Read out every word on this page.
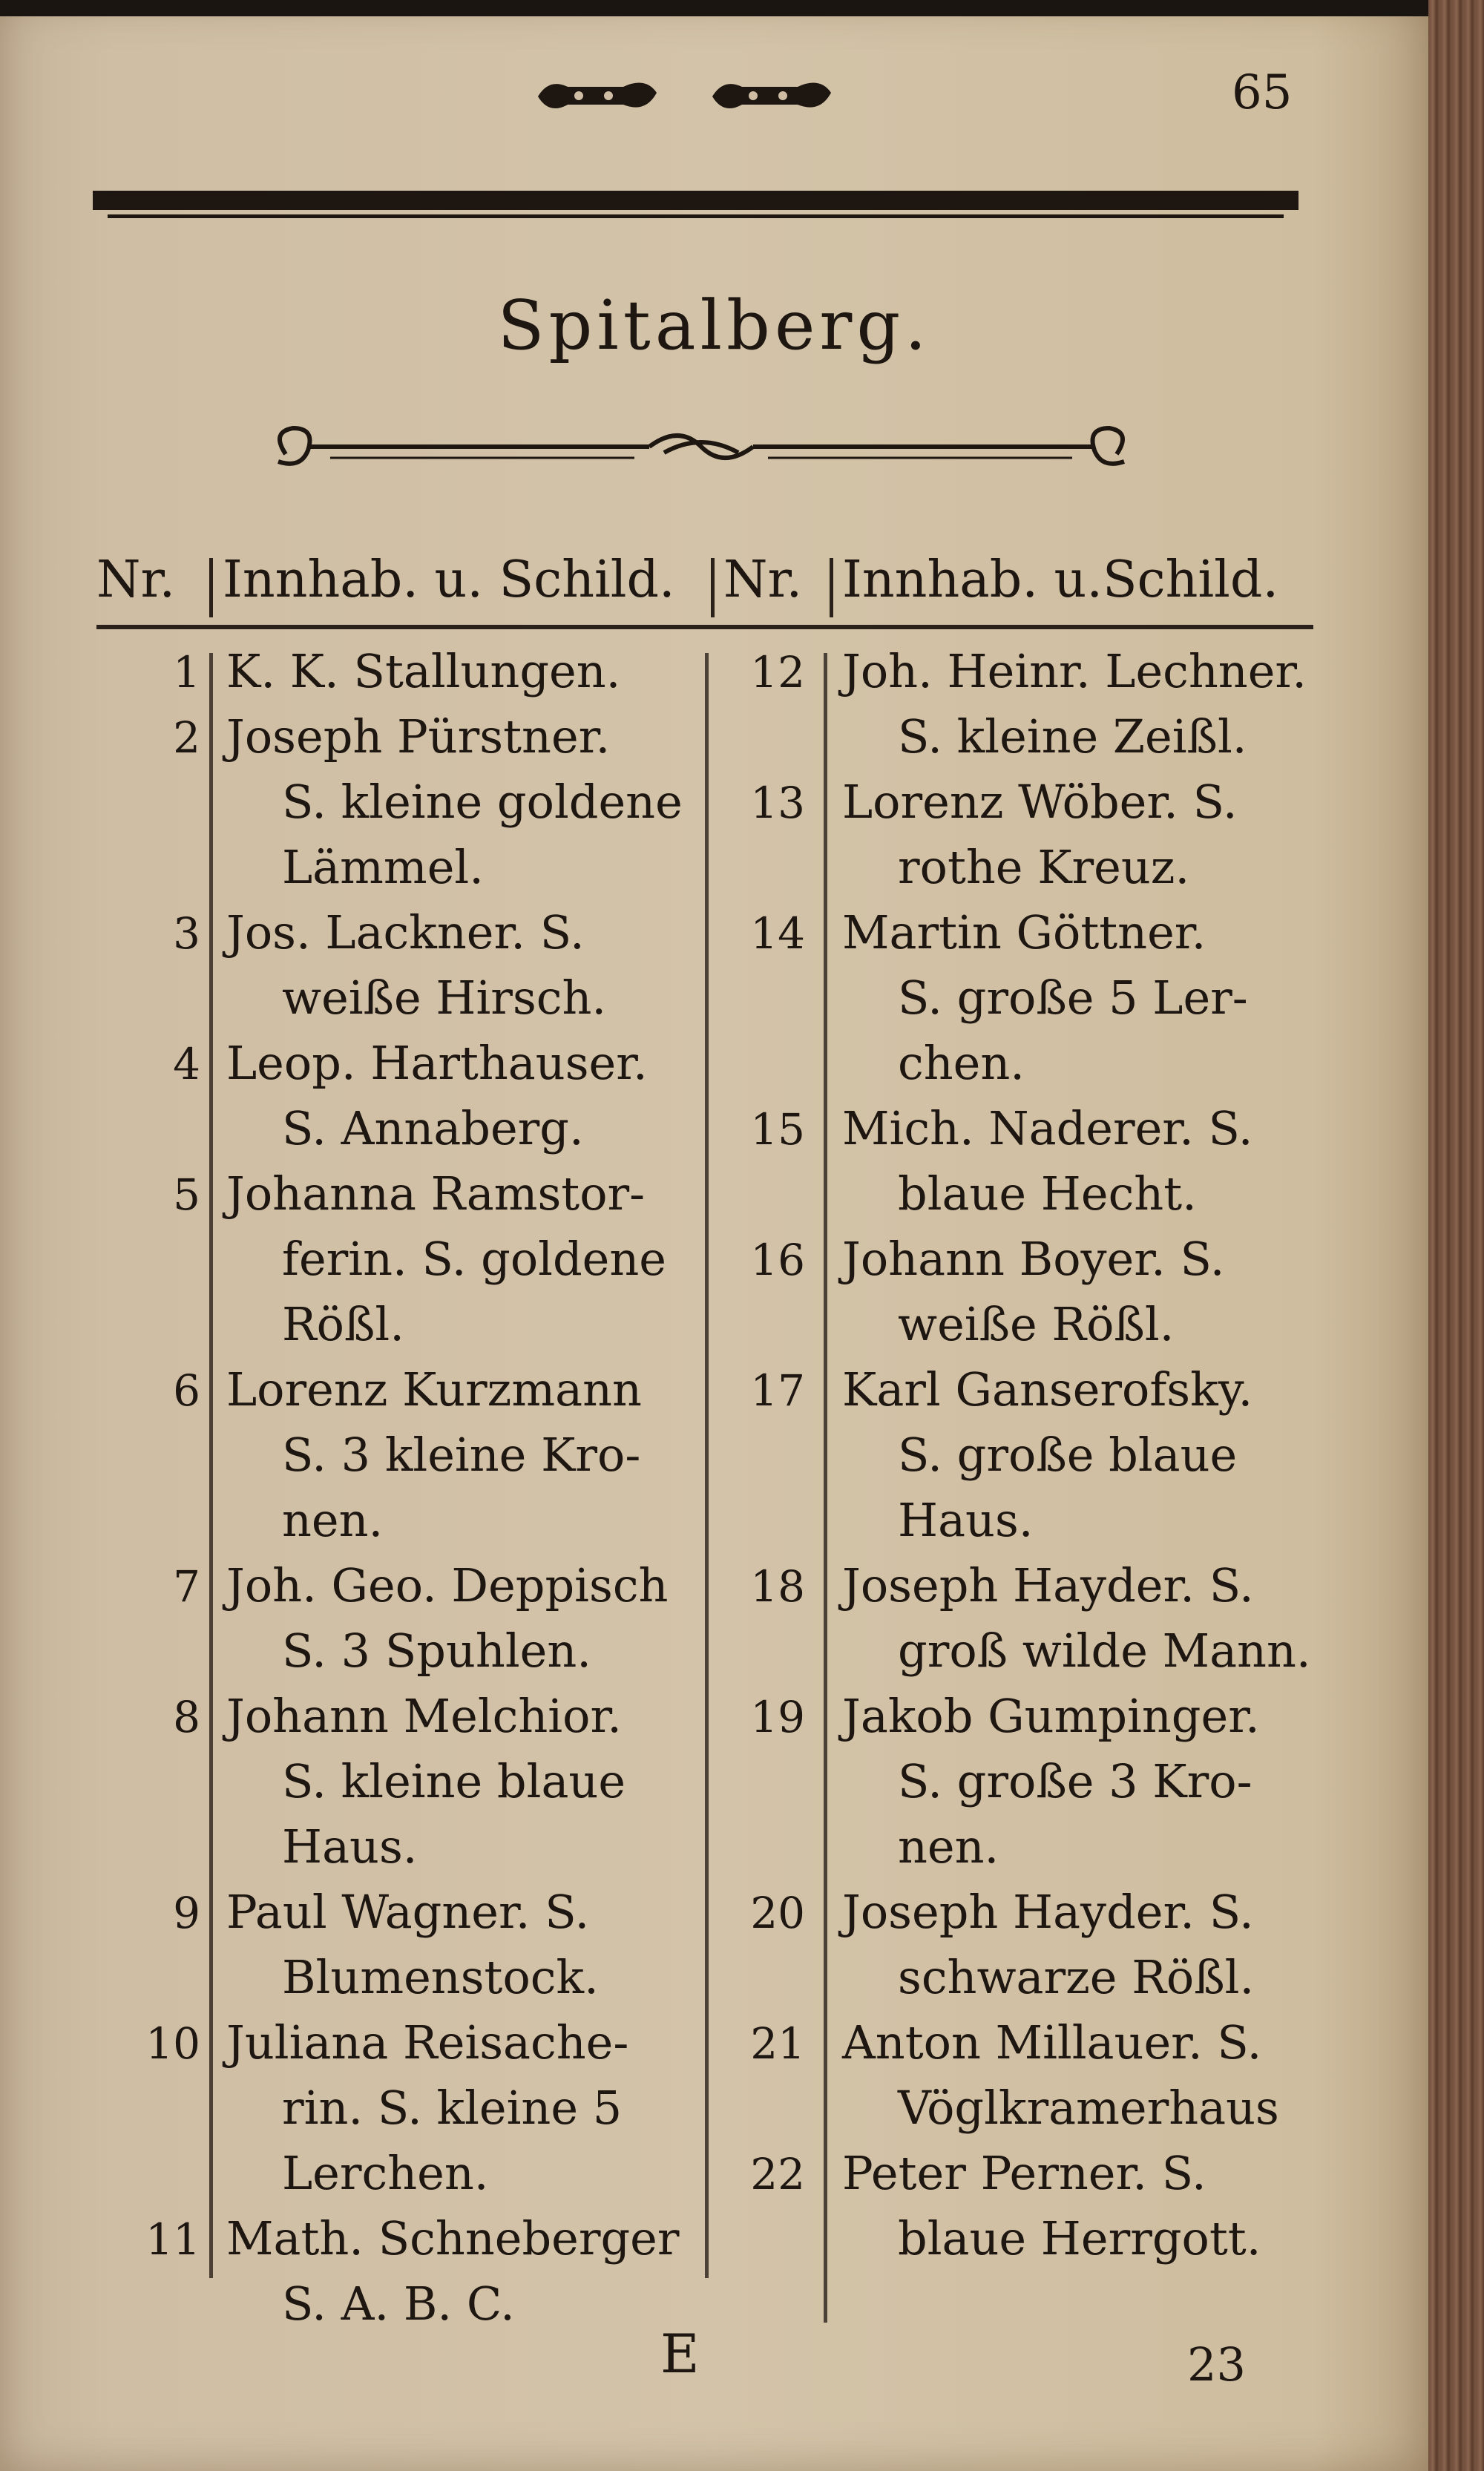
65
Spitalberg.
Nr. Innhab. u. Schild. Nr. Innhab. u.Schild.
1 K. K. Stallungen.
2 Joseph Pürstner.
S. kleine goldene
Lämmel.
3 Jos. Lackner. S.
weiße Hirsch.
4 Leop. Harthauser.
S. Annaberg.
5 Johanna Ramstor-
ferin. S. goldene
Rößl.
6 Lorenz Kurzmann
S. 3 kleine Kro-
nen.
7 Joh. Geo. Deppisch
S. 3 Spuhlen.
8 Johann Melchior.
S. kleine blaue
Haus.
9 Paul Wagner. S.
Blumenstock.
10 Juliana Reisache-
rin. S. kleine 5
Lerchen.
11 Math. Schneberger
S. A. B. C.
12 Joh. Heinr. Lechner.
S. kleine Zeißl.
13 Lorenz Wöber. S.
rothe Kreuz.
14 Martin Göttner.
S. große 5 Ler-
chen.
15 Mich. Naderer. S.
blaue Hecht.
16 Johann Boyer. S.
weiße Rößl.
17 Karl Ganserofsky.
S. große blaue
Haus.
18 Joseph Hayder. S.
groß wilde Mann.
19 Jakob Gumpinger.
S. große 3 Kro-
nen.
20 Joseph Hayder. S.
schwarze Rößl.
21 Anton Millauer. S.
Vöglkramerhaus
22 Peter Perner. S.
blaue Herrgott.
E	23
